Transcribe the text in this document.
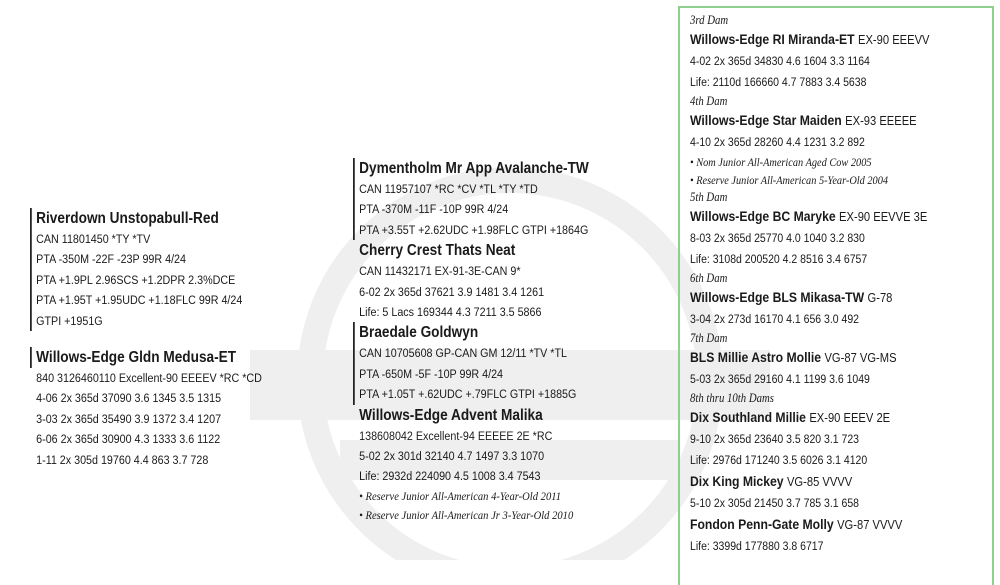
Riverdown Unstopabull-Red
CAN 11801450 *TY *TV
PTA -350M -22F -23P 99R 4/24
PTA +1.9PL 2.96SCS +1.2DPR 2.3%DCE
PTA +1.95T +1.95UDC +1.18FLC 99R 4/24
GTPI +1951G
Willows-Edge Gldn Medusa-ET
840 3126460110 Excellent-90 EEEEV *RC *CD
4-06 2x 365d 37090 3.6 1345 3.5 1315
3-03 2x 365d 35490 3.9 1372 3.4 1207
6-06 2x 365d 30900 4.3 1333 3.6 1122
1-11 2x 305d 19760 4.4 863 3.7 728
Dymentholm Mr App Avalanche-TW
CAN 11957107 *RC *CV *TL *TY *TD
PTA -370M -11F -10P 99R 4/24
PTA +3.55T +2.62UDC +1.98FLC GTPI +1864G
Cherry Crest Thats Neat
CAN 11432171 EX-91-3E-CAN 9*
6-02 2x 365d 37621 3.9 1481 3.4 1261
Life: 5 Lacs 169344 4.3 7211 3.5 5866
Braedale Goldwyn
CAN 10705608 GP-CAN GM 12/11 *TV *TL
PTA -650M -5F -10P 99R 4/24
PTA +1.05T +.62UDC +.79FLC GTPI +1885G
Willows-Edge Advent Malika
138608042 Excellent-94 EEEEE 2E *RC
5-02 2x 301d 32140 4.7 1497 3.3 1070
Life: 2932d 224090 4.5 1008 3.4 7543
• Reserve Junior All-American 4-Year-Old 2011
• Reserve Junior All-American Jr 3-Year-Old 2010
3rd Dam
Willows-Edge RI Miranda-ET EX-90 EEEVV
4-02 2x 365d 34830 4.6 1604 3.3 1164
Life: 2110d 166660 4.7 7883 3.4 5638
4th Dam
Willows-Edge Star Maiden EX-93 EEEEE
4-10 2x 365d 28260 4.4 1231 3.2 892
• Nom Junior All-American Aged Cow 2005
• Reserve Junior All-American 5-Year-Old 2004
5th Dam
Willows-Edge BC Maryke EX-90 EEVVE 3E
8-03 2x 365d 25770 4.0 1040 3.2 830
Life: 3108d 200520 4.2 8516 3.4 6757
6th Dam
Willows-Edge BLS Mikasa-TW G-78
3-04 2x 273d 16170 4.1 656 3.0 492
7th Dam
BLS Millie Astro Mollie VG-87 VG-MS
5-03 2x 365d 29160 4.1 1199 3.6 1049
8th thru 10th Dams
Dix Southland Millie EX-90 EEEV 2E
9-10 2x 365d 23640 3.5 820 3.1 723
Life: 2976d 171240 3.5 6026 3.1 4120
Dix King Mickey VG-85 VVVV
5-10 2x 305d 21450 3.7 785 3.1 658
Fondon Penn-Gate Molly VG-87 VVVV
Life: 3399d 177880 3.8 6717
